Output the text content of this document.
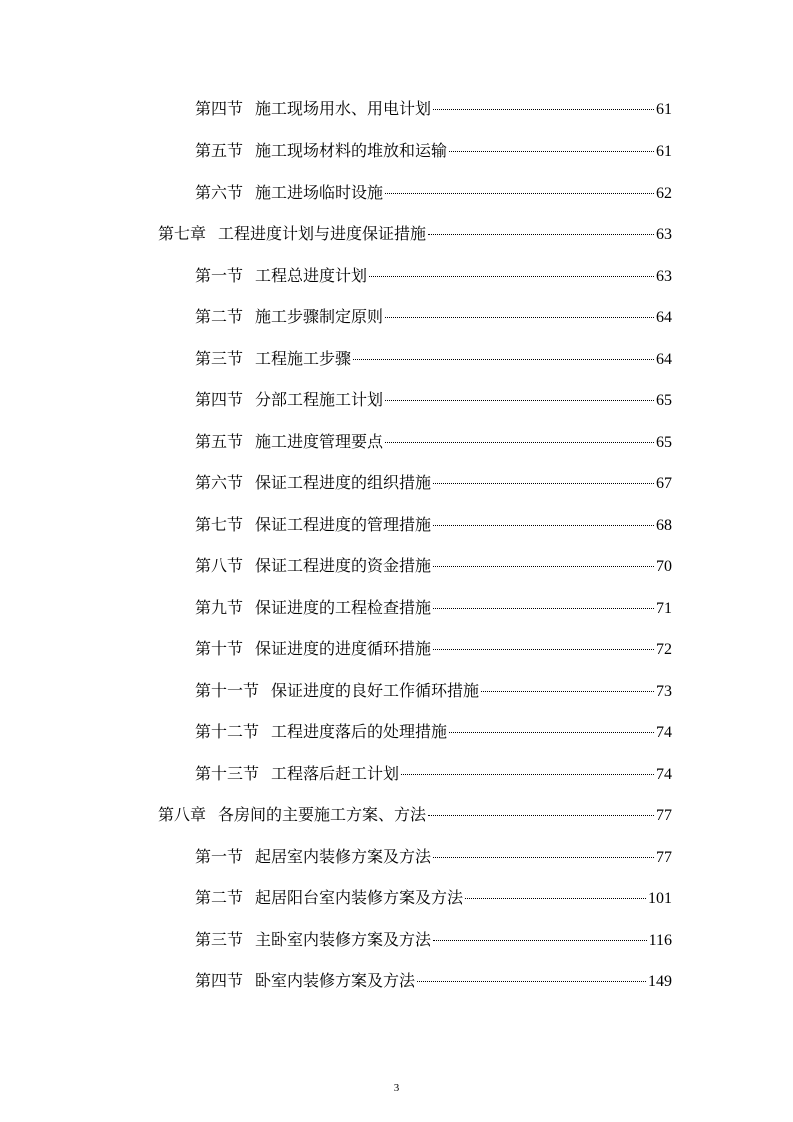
第四节 施工现场用水、用电计划	61
第五节 施工现场材料的堆放和运输	61
第六节 施工进场临时设施	62
第七章 工程进度计划与进度保证措施	63
第一节 工程总进度计划	63
第二节 施工步骤制定原则	64
第三节 工程施工步骤	64
第四节 分部工程施工计划	65
第五节 施工进度管理要点	65
第六节 保证工程进度的组织措施	67
第七节 保证工程进度的管理措施	68
第八节 保证工程进度的资金措施	70
第九节 保证进度的工程检查措施	71
第十节 保证进度的进度循环措施	72
第十一节 保证进度的良好工作循环措施	73
第十二节 工程进度落后的处理措施	74
第十三节 工程落后赶工计划	74
第八章 各房间的主要施工方案、方法	77
第一节 起居室内装修方案及方法	77
第二节 起居阳台室内装修方案及方法	101
第三节 主卧室内装修方案及方法	116
第四节 卧室内装修方案及方法	149
3
